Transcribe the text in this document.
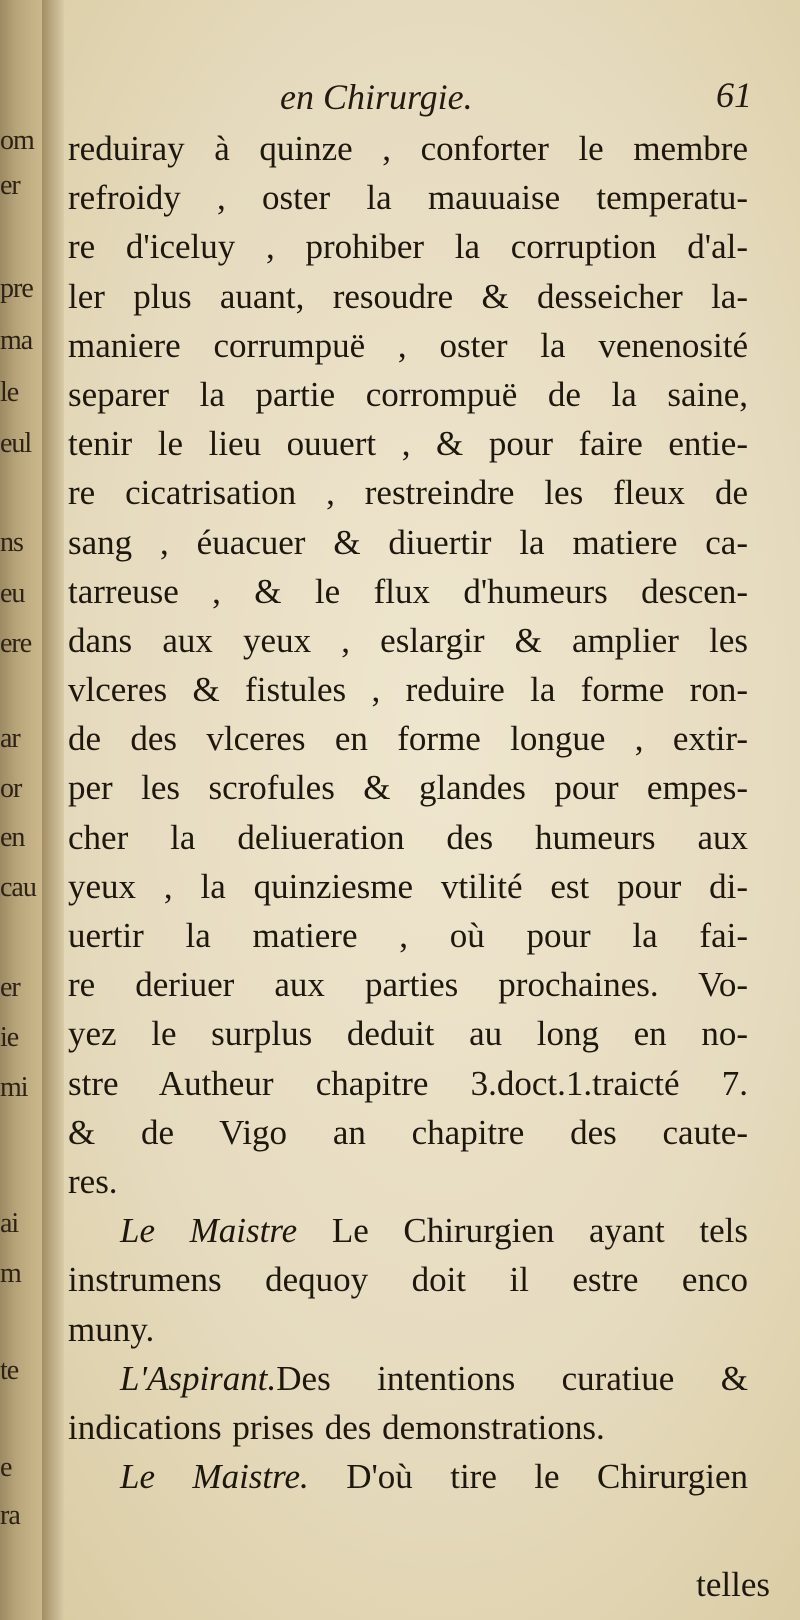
om
er
pre
ma
le
eul
ns
eu
ere
ar
or
en
cau
er
ie
mi
ai
m
te
e
ra
en Chirurgie.	61
reduiray à quinze , conforter le membre
refroidy , oster la mauuaise temperatu-
re d'iceluy , prohiber la corruption d'al-
ler plus auant, resoudre & desseicher la-
maniere corrumpuë , oster la venenosité
separer la partie corrompuë de la saine,
tenir le lieu ouuert , & pour faire entie-
re cicatrisation , restreindre les fleux de
sang , éuacuer & diuertir la matiere ca-
tarreuse , & le flux d'humeurs descen-
dans aux yeux , eslargir & amplier les
vlceres & fistules , reduire la forme ron-
de des vlceres en forme longue , extir-
per les scrofules & glandes pour empes-
cher la deliueration des humeurs aux
yeux , la quinziesme vtilité est pour di-
uertir la matiere , où pour la fai-
re deriuer aux parties prochaines. Vo-
yez le surplus deduit au long en no-
stre Autheur chapitre 3.doct.1.traicté 7.
& de Vigo an chapitre des caute-
res.
Le Maistre Le Chirurgien ayant tels
instrumens dequoy doit il estre enco
muny.
L'Aspirant.Des intentions curatiue &
indications prises des demonstrations.
Le Maistre. D'où tire le Chirurgien
telles
